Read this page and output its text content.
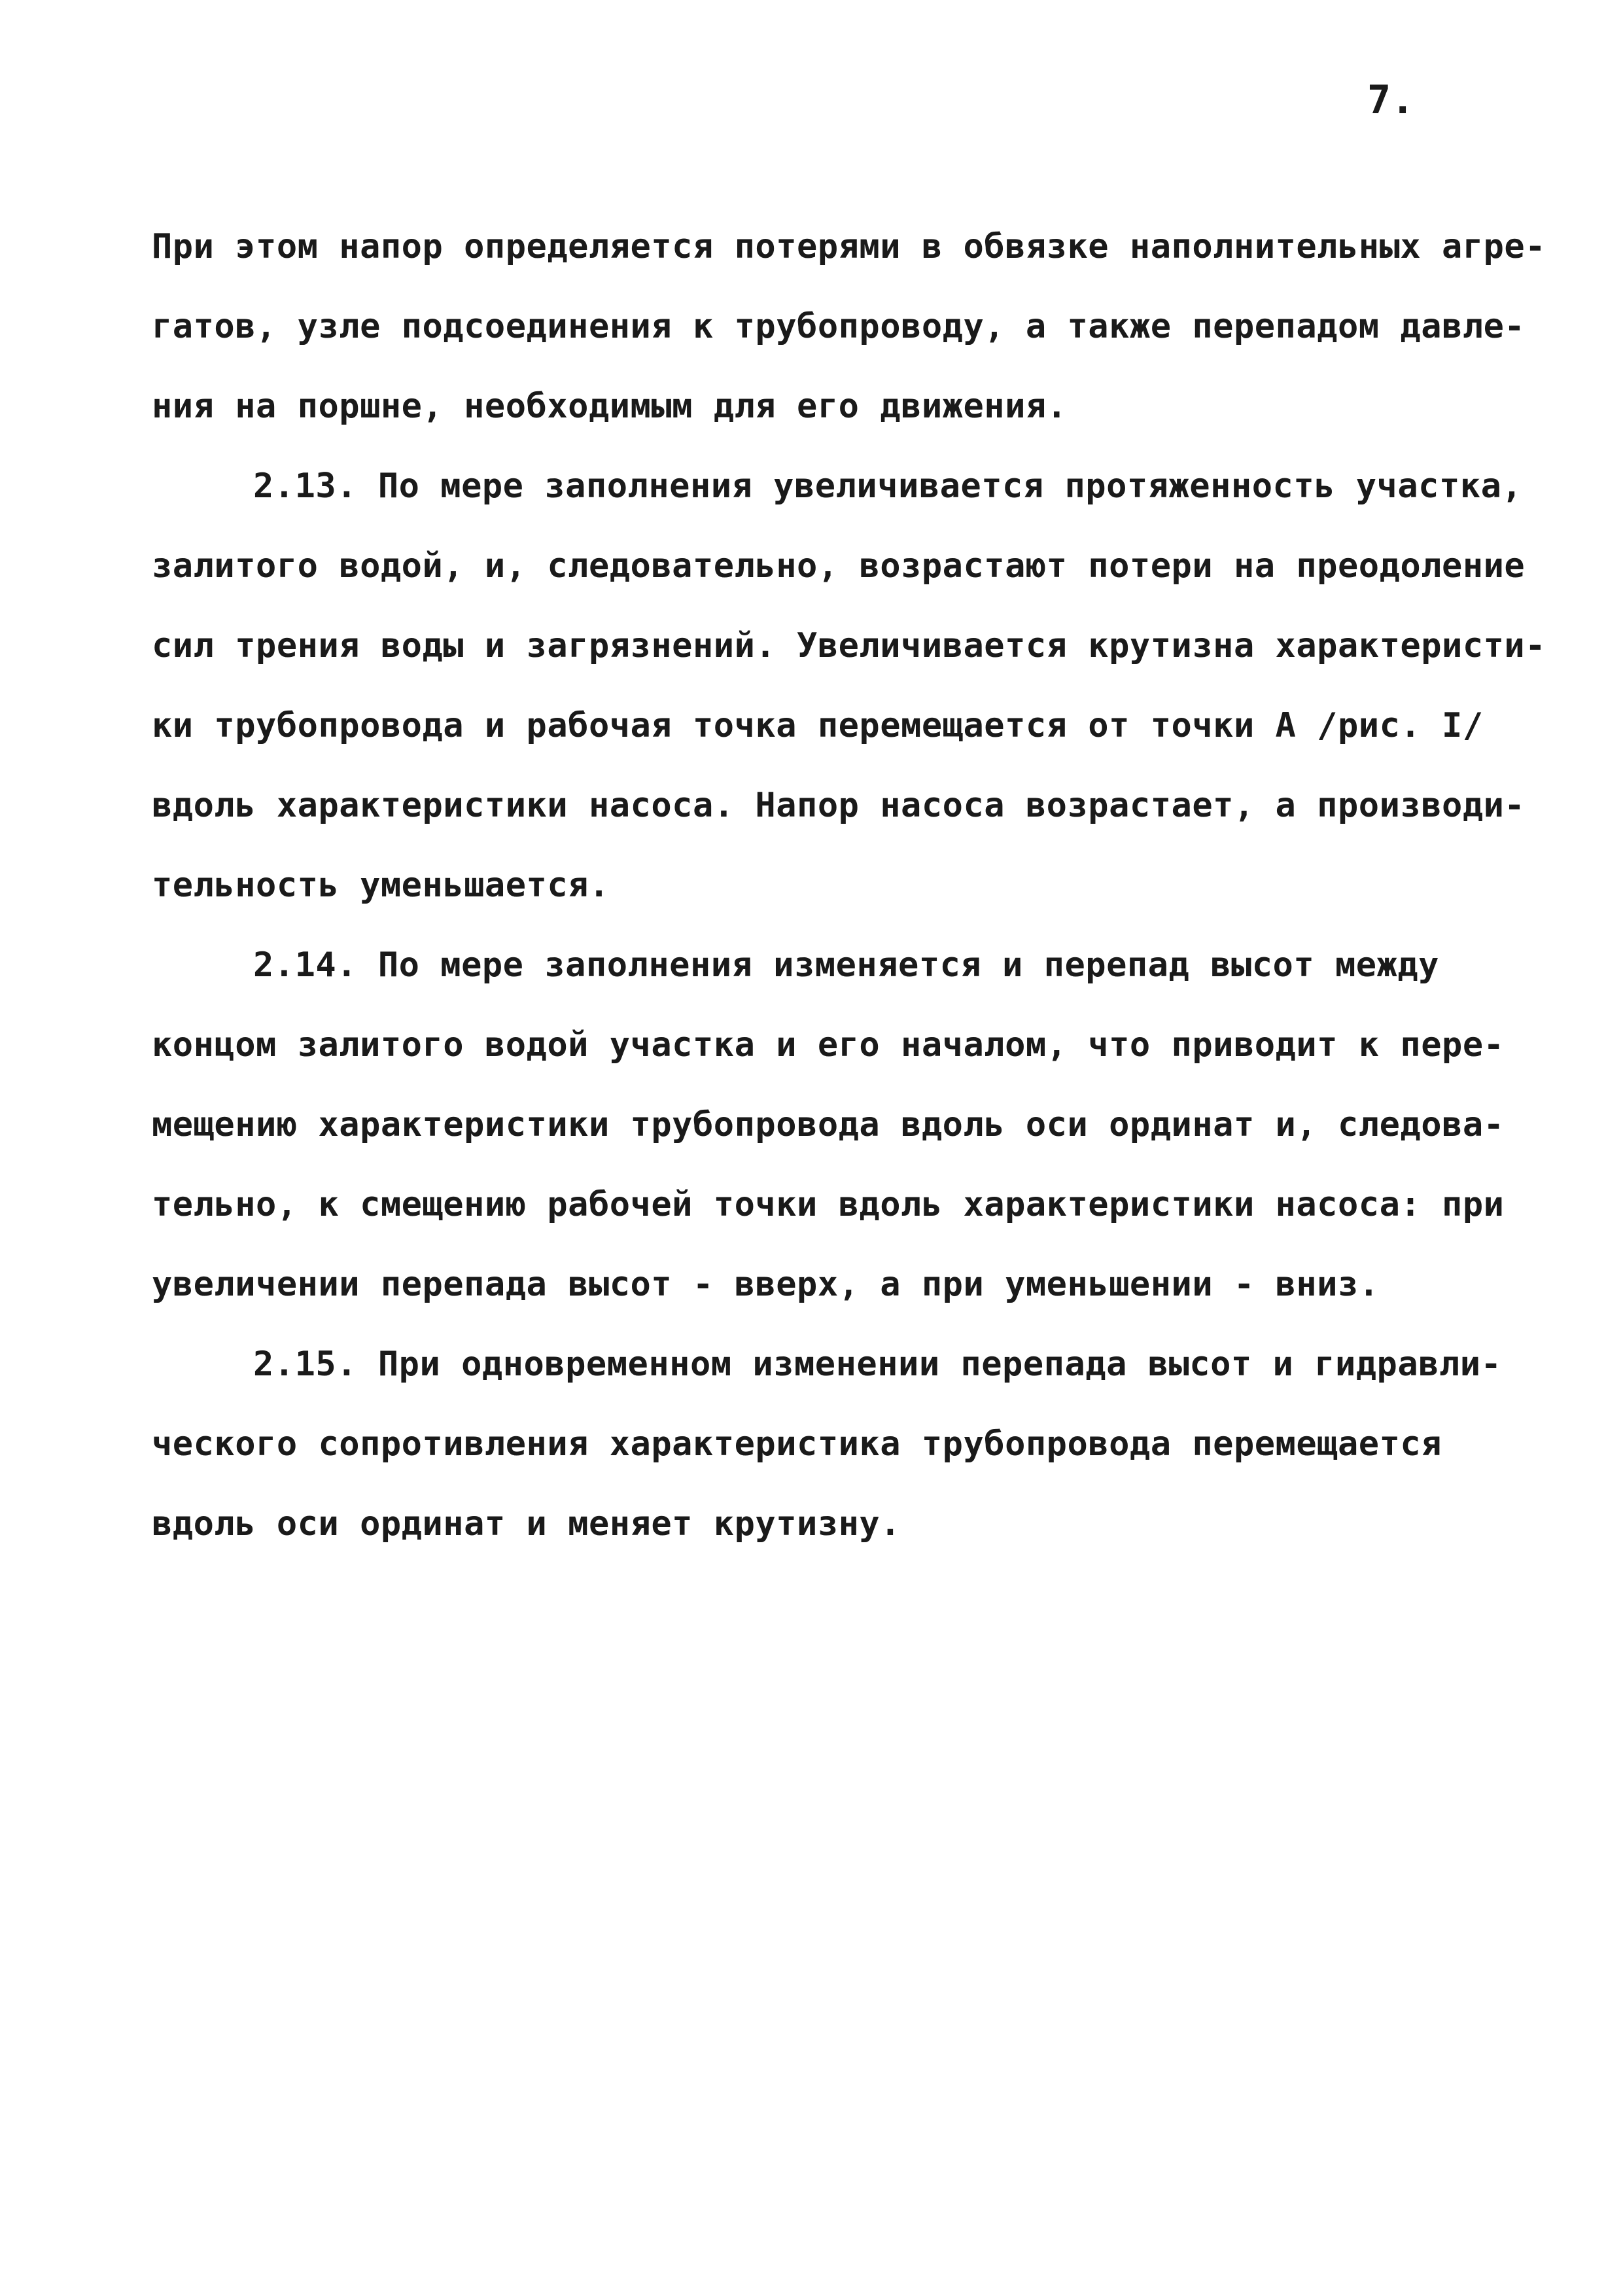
7.
При этом напор определяется потерями в обвязке наполнительных агре-
гатов, узле подсоединения к трубопроводу, а также перепадом давле-
ния на поршне, необходимым для его движения.
2.13. По мере заполнения увеличивается протяженность участка,
залитого водой, и, следовательно, возрастают потери на преодоление
сил трения воды и загрязнений. Увеличивается крутизна характеристи-
ки трубопровода и рабочая точка перемещается от точки А /рис. I/
вдоль характеристики насоса. Напор насоса возрастает, а производи-
тельность уменьшается.
2.14. По мере заполнения изменяется и перепад высот между
концом залитого водой участка и его началом, что приводит к пере-
мещению характеристики трубопровода вдоль оси ординат и, следова-
тельно, к смещению рабочей точки вдоль характеристики насоса: при
увеличении перепада высот - вверх, а при уменьшении - вниз.
2.15. При одновременном изменении перепада высот и гидравли-
ческого сопротивления характеристика трубопровода перемещается
вдоль оси ординат и меняет крутизну.
